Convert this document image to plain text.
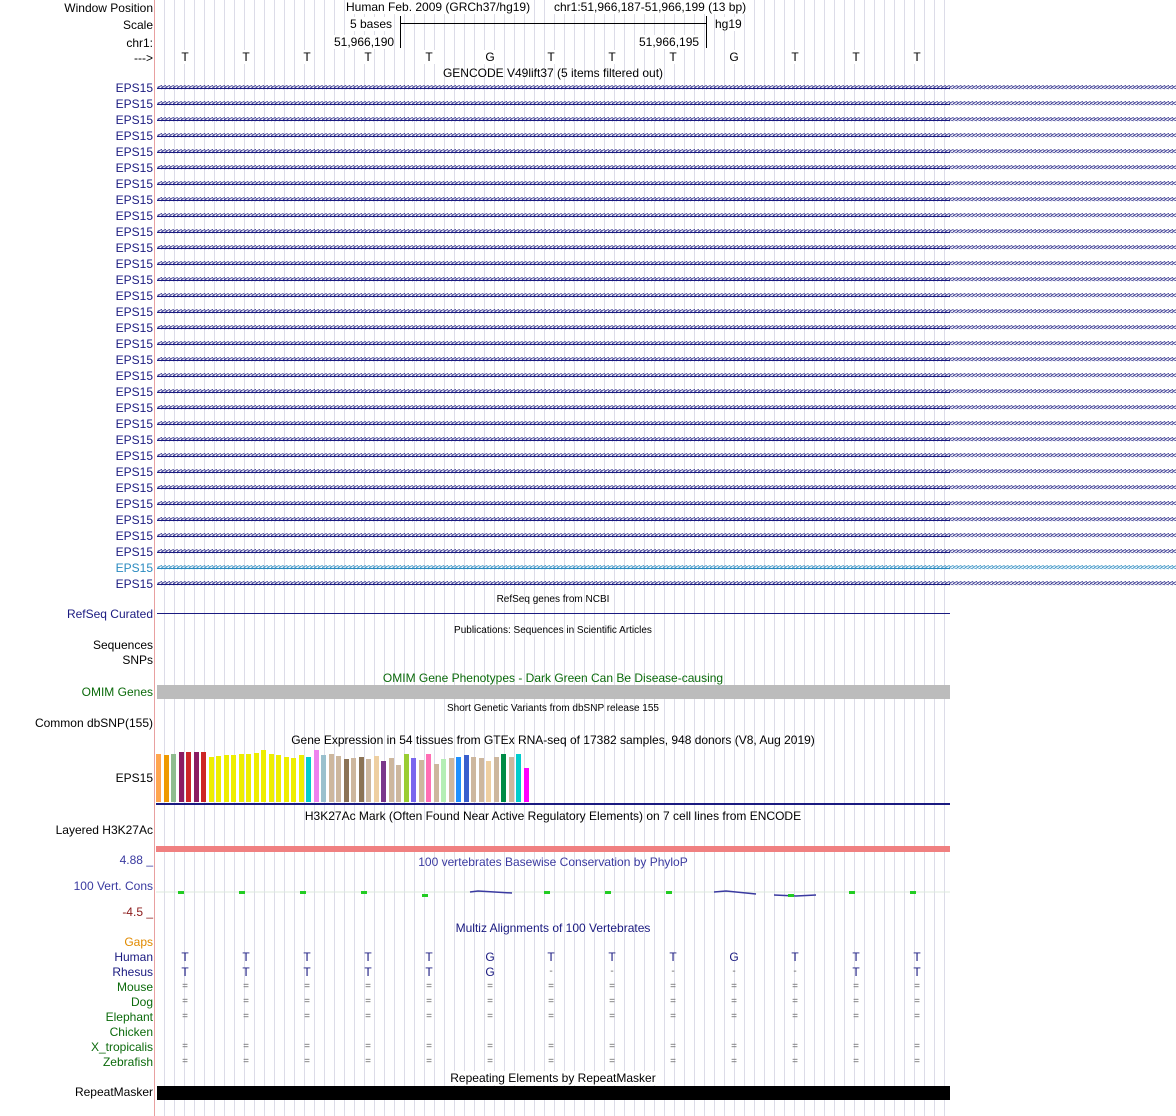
Window Position
Scale
chr1:
--->
Human Feb. 2009 (GRCh37/hg19) chr1:51,966,187-51,966,199 (13 bp)
5 bases	hg19
51,966,190	51,966,195
T	T	T	T	T	G	T	T	T	G	T	T	T
GENCODE V49lift37 (5 items filtered out)
EPS15 <<<<<<<<<<<<<<<<<<<<<<<<<<<<<<<<<<<<<<<<<<<<<<<<<<<<<<<<<<<<<<<<<<<<<<<<<<<<<<<<<<<<<<<<<<<<<<<<<<<<<<<<<<<<<<<<<<<<<<<<<<<<<<<<<<<<<<<<<<<<<<<<<<<<<<<<<<<<<<<<<<<<<<<<<<<<<<<<<<<<<<<<<<<<<<<<<<<<<<<<<<<<<<<<<<<<<<<<<<<<<<<<<<<<<<<<<<<<<<<<<<<<<<<<<<<<<<<<<<<<
EPS15 <<<<<<<<<<<<<<<<<<<<<<<<<<<<<<<<<<<<<<<<<<<<<<<<<<<<<<<<<<<<<<<<<<<<<<<<<<<<<<<<<<<<<<<<<<<<<<<<<<<<<<<<<<<<<<<<<<<<<<<<<<<<<<<<<<<<<<<<<<<<<<<<<<<<<<<<<<<<<<<<<<<<<<<<<<<<<<<<<<<<<<<<<<<<<<<<<<<<<<<<<<<<<<<<<<<<<<<<<<<<<<<<<<<<<<<<<<<<<<<<<<<<<<<<<<<<<<<<<<<<
EPS15 <<<<<<<<<<<<<<<<<<<<<<<<<<<<<<<<<<<<<<<<<<<<<<<<<<<<<<<<<<<<<<<<<<<<<<<<<<<<<<<<<<<<<<<<<<<<<<<<<<<<<<<<<<<<<<<<<<<<<<<<<<<<<<<<<<<<<<<<<<<<<<<<<<<<<<<<<<<<<<<<<<<<<<<<<<<<<<<<<<<<<<<<<<<<<<<<<<<<<<<<<<<<<<<<<<<<<<<<<<<<<<<<<<<<<<<<<<<<<<<<<<<<<<<<<<<<<<<<<<<<
EPS15 <<<<<<<<<<<<<<<<<<<<<<<<<<<<<<<<<<<<<<<<<<<<<<<<<<<<<<<<<<<<<<<<<<<<<<<<<<<<<<<<<<<<<<<<<<<<<<<<<<<<<<<<<<<<<<<<<<<<<<<<<<<<<<<<<<<<<<<<<<<<<<<<<<<<<<<<<<<<<<<<<<<<<<<<<<<<<<<<<<<<<<<<<<<<<<<<<<<<<<<<<<<<<<<<<<<<<<<<<<<<<<<<<<<<<<<<<<<<<<<<<<<<<<<<<<<<<<<<<<<<
EPS15 <<<<<<<<<<<<<<<<<<<<<<<<<<<<<<<<<<<<<<<<<<<<<<<<<<<<<<<<<<<<<<<<<<<<<<<<<<<<<<<<<<<<<<<<<<<<<<<<<<<<<<<<<<<<<<<<<<<<<<<<<<<<<<<<<<<<<<<<<<<<<<<<<<<<<<<<<<<<<<<<<<<<<<<<<<<<<<<<<<<<<<<<<<<<<<<<<<<<<<<<<<<<<<<<<<<<<<<<<<<<<<<<<<<<<<<<<<<<<<<<<<<<<<<<<<<<<<<<<<<<
EPS15 <<<<<<<<<<<<<<<<<<<<<<<<<<<<<<<<<<<<<<<<<<<<<<<<<<<<<<<<<<<<<<<<<<<<<<<<<<<<<<<<<<<<<<<<<<<<<<<<<<<<<<<<<<<<<<<<<<<<<<<<<<<<<<<<<<<<<<<<<<<<<<<<<<<<<<<<<<<<<<<<<<<<<<<<<<<<<<<<<<<<<<<<<<<<<<<<<<<<<<<<<<<<<<<<<<<<<<<<<<<<<<<<<<<<<<<<<<<<<<<<<<<<<<<<<<<<<<<<<<<<
EPS15 <<<<<<<<<<<<<<<<<<<<<<<<<<<<<<<<<<<<<<<<<<<<<<<<<<<<<<<<<<<<<<<<<<<<<<<<<<<<<<<<<<<<<<<<<<<<<<<<<<<<<<<<<<<<<<<<<<<<<<<<<<<<<<<<<<<<<<<<<<<<<<<<<<<<<<<<<<<<<<<<<<<<<<<<<<<<<<<<<<<<<<<<<<<<<<<<<<<<<<<<<<<<<<<<<<<<<<<<<<<<<<<<<<<<<<<<<<<<<<<<<<<<<<<<<<<<<<<<<<<<
EPS15 <<<<<<<<<<<<<<<<<<<<<<<<<<<<<<<<<<<<<<<<<<<<<<<<<<<<<<<<<<<<<<<<<<<<<<<<<<<<<<<<<<<<<<<<<<<<<<<<<<<<<<<<<<<<<<<<<<<<<<<<<<<<<<<<<<<<<<<<<<<<<<<<<<<<<<<<<<<<<<<<<<<<<<<<<<<<<<<<<<<<<<<<<<<<<<<<<<<<<<<<<<<<<<<<<<<<<<<<<<<<<<<<<<<<<<<<<<<<<<<<<<<<<<<<<<<<<<<<<<<<
EPS15 <<<<<<<<<<<<<<<<<<<<<<<<<<<<<<<<<<<<<<<<<<<<<<<<<<<<<<<<<<<<<<<<<<<<<<<<<<<<<<<<<<<<<<<<<<<<<<<<<<<<<<<<<<<<<<<<<<<<<<<<<<<<<<<<<<<<<<<<<<<<<<<<<<<<<<<<<<<<<<<<<<<<<<<<<<<<<<<<<<<<<<<<<<<<<<<<<<<<<<<<<<<<<<<<<<<<<<<<<<<<<<<<<<<<<<<<<<<<<<<<<<<<<<<<<<<<<<<<<<<<
EPS15 <<<<<<<<<<<<<<<<<<<<<<<<<<<<<<<<<<<<<<<<<<<<<<<<<<<<<<<<<<<<<<<<<<<<<<<<<<<<<<<<<<<<<<<<<<<<<<<<<<<<<<<<<<<<<<<<<<<<<<<<<<<<<<<<<<<<<<<<<<<<<<<<<<<<<<<<<<<<<<<<<<<<<<<<<<<<<<<<<<<<<<<<<<<<<<<<<<<<<<<<<<<<<<<<<<<<<<<<<<<<<<<<<<<<<<<<<<<<<<<<<<<<<<<<<<<<<<<<<<<<
EPS15 <<<<<<<<<<<<<<<<<<<<<<<<<<<<<<<<<<<<<<<<<<<<<<<<<<<<<<<<<<<<<<<<<<<<<<<<<<<<<<<<<<<<<<<<<<<<<<<<<<<<<<<<<<<<<<<<<<<<<<<<<<<<<<<<<<<<<<<<<<<<<<<<<<<<<<<<<<<<<<<<<<<<<<<<<<<<<<<<<<<<<<<<<<<<<<<<<<<<<<<<<<<<<<<<<<<<<<<<<<<<<<<<<<<<<<<<<<<<<<<<<<<<<<<<<<<<<<<<<<<<
EPS15 <<<<<<<<<<<<<<<<<<<<<<<<<<<<<<<<<<<<<<<<<<<<<<<<<<<<<<<<<<<<<<<<<<<<<<<<<<<<<<<<<<<<<<<<<<<<<<<<<<<<<<<<<<<<<<<<<<<<<<<<<<<<<<<<<<<<<<<<<<<<<<<<<<<<<<<<<<<<<<<<<<<<<<<<<<<<<<<<<<<<<<<<<<<<<<<<<<<<<<<<<<<<<<<<<<<<<<<<<<<<<<<<<<<<<<<<<<<<<<<<<<<<<<<<<<<<<<<<<<<<
EPS15 <<<<<<<<<<<<<<<<<<<<<<<<<<<<<<<<<<<<<<<<<<<<<<<<<<<<<<<<<<<<<<<<<<<<<<<<<<<<<<<<<<<<<<<<<<<<<<<<<<<<<<<<<<<<<<<<<<<<<<<<<<<<<<<<<<<<<<<<<<<<<<<<<<<<<<<<<<<<<<<<<<<<<<<<<<<<<<<<<<<<<<<<<<<<<<<<<<<<<<<<<<<<<<<<<<<<<<<<<<<<<<<<<<<<<<<<<<<<<<<<<<<<<<<<<<<<<<<<<<<<
EPS15 <<<<<<<<<<<<<<<<<<<<<<<<<<<<<<<<<<<<<<<<<<<<<<<<<<<<<<<<<<<<<<<<<<<<<<<<<<<<<<<<<<<<<<<<<<<<<<<<<<<<<<<<<<<<<<<<<<<<<<<<<<<<<<<<<<<<<<<<<<<<<<<<<<<<<<<<<<<<<<<<<<<<<<<<<<<<<<<<<<<<<<<<<<<<<<<<<<<<<<<<<<<<<<<<<<<<<<<<<<<<<<<<<<<<<<<<<<<<<<<<<<<<<<<<<<<<<<<<<<<<
EPS15 <<<<<<<<<<<<<<<<<<<<<<<<<<<<<<<<<<<<<<<<<<<<<<<<<<<<<<<<<<<<<<<<<<<<<<<<<<<<<<<<<<<<<<<<<<<<<<<<<<<<<<<<<<<<<<<<<<<<<<<<<<<<<<<<<<<<<<<<<<<<<<<<<<<<<<<<<<<<<<<<<<<<<<<<<<<<<<<<<<<<<<<<<<<<<<<<<<<<<<<<<<<<<<<<<<<<<<<<<<<<<<<<<<<<<<<<<<<<<<<<<<<<<<<<<<<<<<<<<<<<
EPS15 <<<<<<<<<<<<<<<<<<<<<<<<<<<<<<<<<<<<<<<<<<<<<<<<<<<<<<<<<<<<<<<<<<<<<<<<<<<<<<<<<<<<<<<<<<<<<<<<<<<<<<<<<<<<<<<<<<<<<<<<<<<<<<<<<<<<<<<<<<<<<<<<<<<<<<<<<<<<<<<<<<<<<<<<<<<<<<<<<<<<<<<<<<<<<<<<<<<<<<<<<<<<<<<<<<<<<<<<<<<<<<<<<<<<<<<<<<<<<<<<<<<<<<<<<<<<<<<<<<<<
EPS15 <<<<<<<<<<<<<<<<<<<<<<<<<<<<<<<<<<<<<<<<<<<<<<<<<<<<<<<<<<<<<<<<<<<<<<<<<<<<<<<<<<<<<<<<<<<<<<<<<<<<<<<<<<<<<<<<<<<<<<<<<<<<<<<<<<<<<<<<<<<<<<<<<<<<<<<<<<<<<<<<<<<<<<<<<<<<<<<<<<<<<<<<<<<<<<<<<<<<<<<<<<<<<<<<<<<<<<<<<<<<<<<<<<<<<<<<<<<<<<<<<<<<<<<<<<<<<<<<<<<<
EPS15 <<<<<<<<<<<<<<<<<<<<<<<<<<<<<<<<<<<<<<<<<<<<<<<<<<<<<<<<<<<<<<<<<<<<<<<<<<<<<<<<<<<<<<<<<<<<<<<<<<<<<<<<<<<<<<<<<<<<<<<<<<<<<<<<<<<<<<<<<<<<<<<<<<<<<<<<<<<<<<<<<<<<<<<<<<<<<<<<<<<<<<<<<<<<<<<<<<<<<<<<<<<<<<<<<<<<<<<<<<<<<<<<<<<<<<<<<<<<<<<<<<<<<<<<<<<<<<<<<<<<
EPS15 <<<<<<<<<<<<<<<<<<<<<<<<<<<<<<<<<<<<<<<<<<<<<<<<<<<<<<<<<<<<<<<<<<<<<<<<<<<<<<<<<<<<<<<<<<<<<<<<<<<<<<<<<<<<<<<<<<<<<<<<<<<<<<<<<<<<<<<<<<<<<<<<<<<<<<<<<<<<<<<<<<<<<<<<<<<<<<<<<<<<<<<<<<<<<<<<<<<<<<<<<<<<<<<<<<<<<<<<<<<<<<<<<<<<<<<<<<<<<<<<<<<<<<<<<<<<<<<<<<<<
EPS15 <<<<<<<<<<<<<<<<<<<<<<<<<<<<<<<<<<<<<<<<<<<<<<<<<<<<<<<<<<<<<<<<<<<<<<<<<<<<<<<<<<<<<<<<<<<<<<<<<<<<<<<<<<<<<<<<<<<<<<<<<<<<<<<<<<<<<<<<<<<<<<<<<<<<<<<<<<<<<<<<<<<<<<<<<<<<<<<<<<<<<<<<<<<<<<<<<<<<<<<<<<<<<<<<<<<<<<<<<<<<<<<<<<<<<<<<<<<<<<<<<<<<<<<<<<<<<<<<<<<<
EPS15 <<<<<<<<<<<<<<<<<<<<<<<<<<<<<<<<<<<<<<<<<<<<<<<<<<<<<<<<<<<<<<<<<<<<<<<<<<<<<<<<<<<<<<<<<<<<<<<<<<<<<<<<<<<<<<<<<<<<<<<<<<<<<<<<<<<<<<<<<<<<<<<<<<<<<<<<<<<<<<<<<<<<<<<<<<<<<<<<<<<<<<<<<<<<<<<<<<<<<<<<<<<<<<<<<<<<<<<<<<<<<<<<<<<<<<<<<<<<<<<<<<<<<<<<<<<<<<<<<<<<
EPS15 <<<<<<<<<<<<<<<<<<<<<<<<<<<<<<<<<<<<<<<<<<<<<<<<<<<<<<<<<<<<<<<<<<<<<<<<<<<<<<<<<<<<<<<<<<<<<<<<<<<<<<<<<<<<<<<<<<<<<<<<<<<<<<<<<<<<<<<<<<<<<<<<<<<<<<<<<<<<<<<<<<<<<<<<<<<<<<<<<<<<<<<<<<<<<<<<<<<<<<<<<<<<<<<<<<<<<<<<<<<<<<<<<<<<<<<<<<<<<<<<<<<<<<<<<<<<<<<<<<<<
EPS15 <<<<<<<<<<<<<<<<<<<<<<<<<<<<<<<<<<<<<<<<<<<<<<<<<<<<<<<<<<<<<<<<<<<<<<<<<<<<<<<<<<<<<<<<<<<<<<<<<<<<<<<<<<<<<<<<<<<<<<<<<<<<<<<<<<<<<<<<<<<<<<<<<<<<<<<<<<<<<<<<<<<<<<<<<<<<<<<<<<<<<<<<<<<<<<<<<<<<<<<<<<<<<<<<<<<<<<<<<<<<<<<<<<<<<<<<<<<<<<<<<<<<<<<<<<<<<<<<<<<<
EPS15 <<<<<<<<<<<<<<<<<<<<<<<<<<<<<<<<<<<<<<<<<<<<<<<<<<<<<<<<<<<<<<<<<<<<<<<<<<<<<<<<<<<<<<<<<<<<<<<<<<<<<<<<<<<<<<<<<<<<<<<<<<<<<<<<<<<<<<<<<<<<<<<<<<<<<<<<<<<<<<<<<<<<<<<<<<<<<<<<<<<<<<<<<<<<<<<<<<<<<<<<<<<<<<<<<<<<<<<<<<<<<<<<<<<<<<<<<<<<<<<<<<<<<<<<<<<<<<<<<<<<
EPS15 <<<<<<<<<<<<<<<<<<<<<<<<<<<<<<<<<<<<<<<<<<<<<<<<<<<<<<<<<<<<<<<<<<<<<<<<<<<<<<<<<<<<<<<<<<<<<<<<<<<<<<<<<<<<<<<<<<<<<<<<<<<<<<<<<<<<<<<<<<<<<<<<<<<<<<<<<<<<<<<<<<<<<<<<<<<<<<<<<<<<<<<<<<<<<<<<<<<<<<<<<<<<<<<<<<<<<<<<<<<<<<<<<<<<<<<<<<<<<<<<<<<<<<<<<<<<<<<<<<<<
EPS15 <<<<<<<<<<<<<<<<<<<<<<<<<<<<<<<<<<<<<<<<<<<<<<<<<<<<<<<<<<<<<<<<<<<<<<<<<<<<<<<<<<<<<<<<<<<<<<<<<<<<<<<<<<<<<<<<<<<<<<<<<<<<<<<<<<<<<<<<<<<<<<<<<<<<<<<<<<<<<<<<<<<<<<<<<<<<<<<<<<<<<<<<<<<<<<<<<<<<<<<<<<<<<<<<<<<<<<<<<<<<<<<<<<<<<<<<<<<<<<<<<<<<<<<<<<<<<<<<<<<<
EPS15 <<<<<<<<<<<<<<<<<<<<<<<<<<<<<<<<<<<<<<<<<<<<<<<<<<<<<<<<<<<<<<<<<<<<<<<<<<<<<<<<<<<<<<<<<<<<<<<<<<<<<<<<<<<<<<<<<<<<<<<<<<<<<<<<<<<<<<<<<<<<<<<<<<<<<<<<<<<<<<<<<<<<<<<<<<<<<<<<<<<<<<<<<<<<<<<<<<<<<<<<<<<<<<<<<<<<<<<<<<<<<<<<<<<<<<<<<<<<<<<<<<<<<<<<<<<<<<<<<<<<
EPS15 <<<<<<<<<<<<<<<<<<<<<<<<<<<<<<<<<<<<<<<<<<<<<<<<<<<<<<<<<<<<<<<<<<<<<<<<<<<<<<<<<<<<<<<<<<<<<<<<<<<<<<<<<<<<<<<<<<<<<<<<<<<<<<<<<<<<<<<<<<<<<<<<<<<<<<<<<<<<<<<<<<<<<<<<<<<<<<<<<<<<<<<<<<<<<<<<<<<<<<<<<<<<<<<<<<<<<<<<<<<<<<<<<<<<<<<<<<<<<<<<<<<<<<<<<<<<<<<<<<<<
EPS15 <<<<<<<<<<<<<<<<<<<<<<<<<<<<<<<<<<<<<<<<<<<<<<<<<<<<<<<<<<<<<<<<<<<<<<<<<<<<<<<<<<<<<<<<<<<<<<<<<<<<<<<<<<<<<<<<<<<<<<<<<<<<<<<<<<<<<<<<<<<<<<<<<<<<<<<<<<<<<<<<<<<<<<<<<<<<<<<<<<<<<<<<<<<<<<<<<<<<<<<<<<<<<<<<<<<<<<<<<<<<<<<<<<<<<<<<<<<<<<<<<<<<<<<<<<<<<<<<<<<<
EPS15 <<<<<<<<<<<<<<<<<<<<<<<<<<<<<<<<<<<<<<<<<<<<<<<<<<<<<<<<<<<<<<<<<<<<<<<<<<<<<<<<<<<<<<<<<<<<<<<<<<<<<<<<<<<<<<<<<<<<<<<<<<<<<<<<<<<<<<<<<<<<<<<<<<<<<<<<<<<<<<<<<<<<<<<<<<<<<<<<<<<<<<<<<<<<<<<<<<<<<<<<<<<<<<<<<<<<<<<<<<<<<<<<<<<<<<<<<<<<<<<<<<<<<<<<<<<<<<<<<<<<
EPS15 <<<<<<<<<<<<<<<<<<<<<<<<<<<<<<<<<<<<<<<<<<<<<<<<<<<<<<<<<<<<<<<<<<<<<<<<<<<<<<<<<<<<<<<<<<<<<<<<<<<<<<<<<<<<<<<<<<<<<<<<<<<<<<<<<<<<<<<<<<<<<<<<<<<<<<<<<<<<<<<<<<<<<<<<<<<<<<<<<<<<<<<<<<<<<<<<<<<<<<<<<<<<<<<<<<<<<<<<<<<<<<<<<<<<<<<<<<<<<<<<<<<<<<<<<<<<<<<<<<<<
EPS15 <<<<<<<<<<<<<<<<<<<<<<<<<<<<<<<<<<<<<<<<<<<<<<<<<<<<<<<<<<<<<<<<<<<<<<<<<<<<<<<<<<<<<<<<<<<<<<<<<<<<<<<<<<<<<<<<<<<<<<<<<<<<<<<<<<<<<<<<<<<<<<<<<<<<<<<<<<<<<<<<<<<<<<<<<<<<<<<<<<<<<<<<<<<<<<<<<<<<<<<<<<<<<<<<<<<<<<<<<<<<<<<<<<<<<<<<<<<<<<<<<<<<<<<<<<<<<<<<<<<<
RefSeq genes from NCBI
RefSeq Curated
Publications: Sequences in Scientific Articles
Sequences
SNPs
OMIM Gene Phenotypes - Dark Green Can Be Disease-causing
OMIM Genes
Short Genetic Variants from dbSNP release 155
Common dbSNP(155)
Gene Expression in 54 tissues from GTEx RNA-seq of 17382 samples, 948 donors (V8, Aug 2019)
EPS15
H3K27Ac Mark (Often Found Near Active Regulatory Elements) on 7 cell lines from ENCODE
Layered H3K27Ac
100 vertebrates Basewise Conservation by PhyloP
4.88 _
100 Vert. Cons
-4.5 _
Multiz Alignments of 100 Vertebrates
Gaps
Human T	T	T	T	T	G	T	T	T	G	T	T	T
Rhesus T	T	T	T	T	G	-	-	-	-	-	T	T
Mouse	=	=	=	=	=	=	=	=	=	=	=	=	=
Dog	=	=	=	=	=	=	=	=	=	=	=	=	=
Elephant	=	=	=	=	=	=	=	=	=	=	=	=	=
Chicken
X_tropicalis	=	=	=	=	=	=	=	=	=	=	=	=	=
Zebrafish	=	=	=	=	=	=	=	=	=	=	=	=	=
Repeating Elements by RepeatMasker
RepeatMasker
